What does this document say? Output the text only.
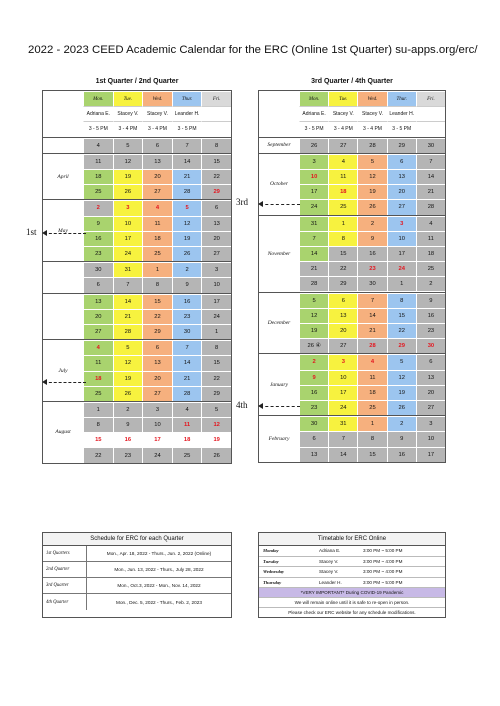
2022 - 2023 CEED Academic Calendar for the ERC (Online 1st Quarter) su-apps.org/erc/
1st Quarter / 2nd Quarter	3rd Quarter / 4th Quarter
Mon.	Tue.	Wed.	Thur.	Fri.
Adriana E.	Stacey V.	Stacey V.	Leander H.
3 - 5 PM	3 - 4 PM	3 - 4 PM	3 - 5 PM
4	5	6	7	8
April
11	12	13	14	15
18	19	20	21	22
25	26	27	28	29
May
2	3	4	5	6
9	10	11	12	13
16	17	18	19	20
23	24	25	26	27
30	31	1	2	3
6	7	8	9	10
13	14	15	16	17
20	21	22	23	24
27	28	29	30	1
July
4	5	6	7	8
11	12	13	14	15
18	19	20	21	22
25	26	27	28	29
August
1	2	3	4	5
8	9	10	11	12
15	16	17	18	19
22	23	24	25	26
Mon.	Tue.	Wed.	Thur.	Fri.
Adriana E.	Stacey V.	Stacey V.	Leander H.
3 - 5 PM	3 - 4 PM	3 - 4 PM	3 - 5 PM
September	26	27	28	29	30
October
3	4	5	6	7
10	11	12	13	14
17	18	19	20	21
24	25	26	27	28
November
31	1	2	3	4
7	8	9	10	11
14	15	16	17	18
21	22	23	24	25
28	29	30	1	2
December
5	6	7	8	9
12	13	14	15	16
19	20	21	22	23
26 ④	27	28	29	30
January
2	3	4	5	6
9	10	11	12	13
16	17	18	19	20
23	24	25	26	27
February
30	31	1	2	3
6	7	8	9	10
13	14	15	16	17
1st
3rd
4th
Schedule for ERC for each Quarter
1st Quarters	Mon., Apr. 18, 2022 - Thurs., Jun. 2, 2022 (Online)
2nd Quarter	Mon., Jun. 13, 2022 - Thurs., July 28, 2022
3rd Quarter	Mon., Oct.3, 2022 - Mon., Nov. 14, 2022
4th Quarter	Mon., Dec. 5, 2022 - Thurs., Feb. 2, 2023
Timetable for ERC Online
Monday	Adriana E.	3:00 PM ~ 5:00 PM
Tuesday	Stacey V.	3:00 PM ~ 4:00 PM
Wednesday	Stacey V.	3:00 PM ~ 4:00 PM
Thursday	Leander H.	3:00 PM ~ 5:00 PM
*VERY IMPORTANT* During COVID-19 Pandemic
We will remain online until it is safe to re-open in person.
Please check our ERC website for any schedule modifications.
